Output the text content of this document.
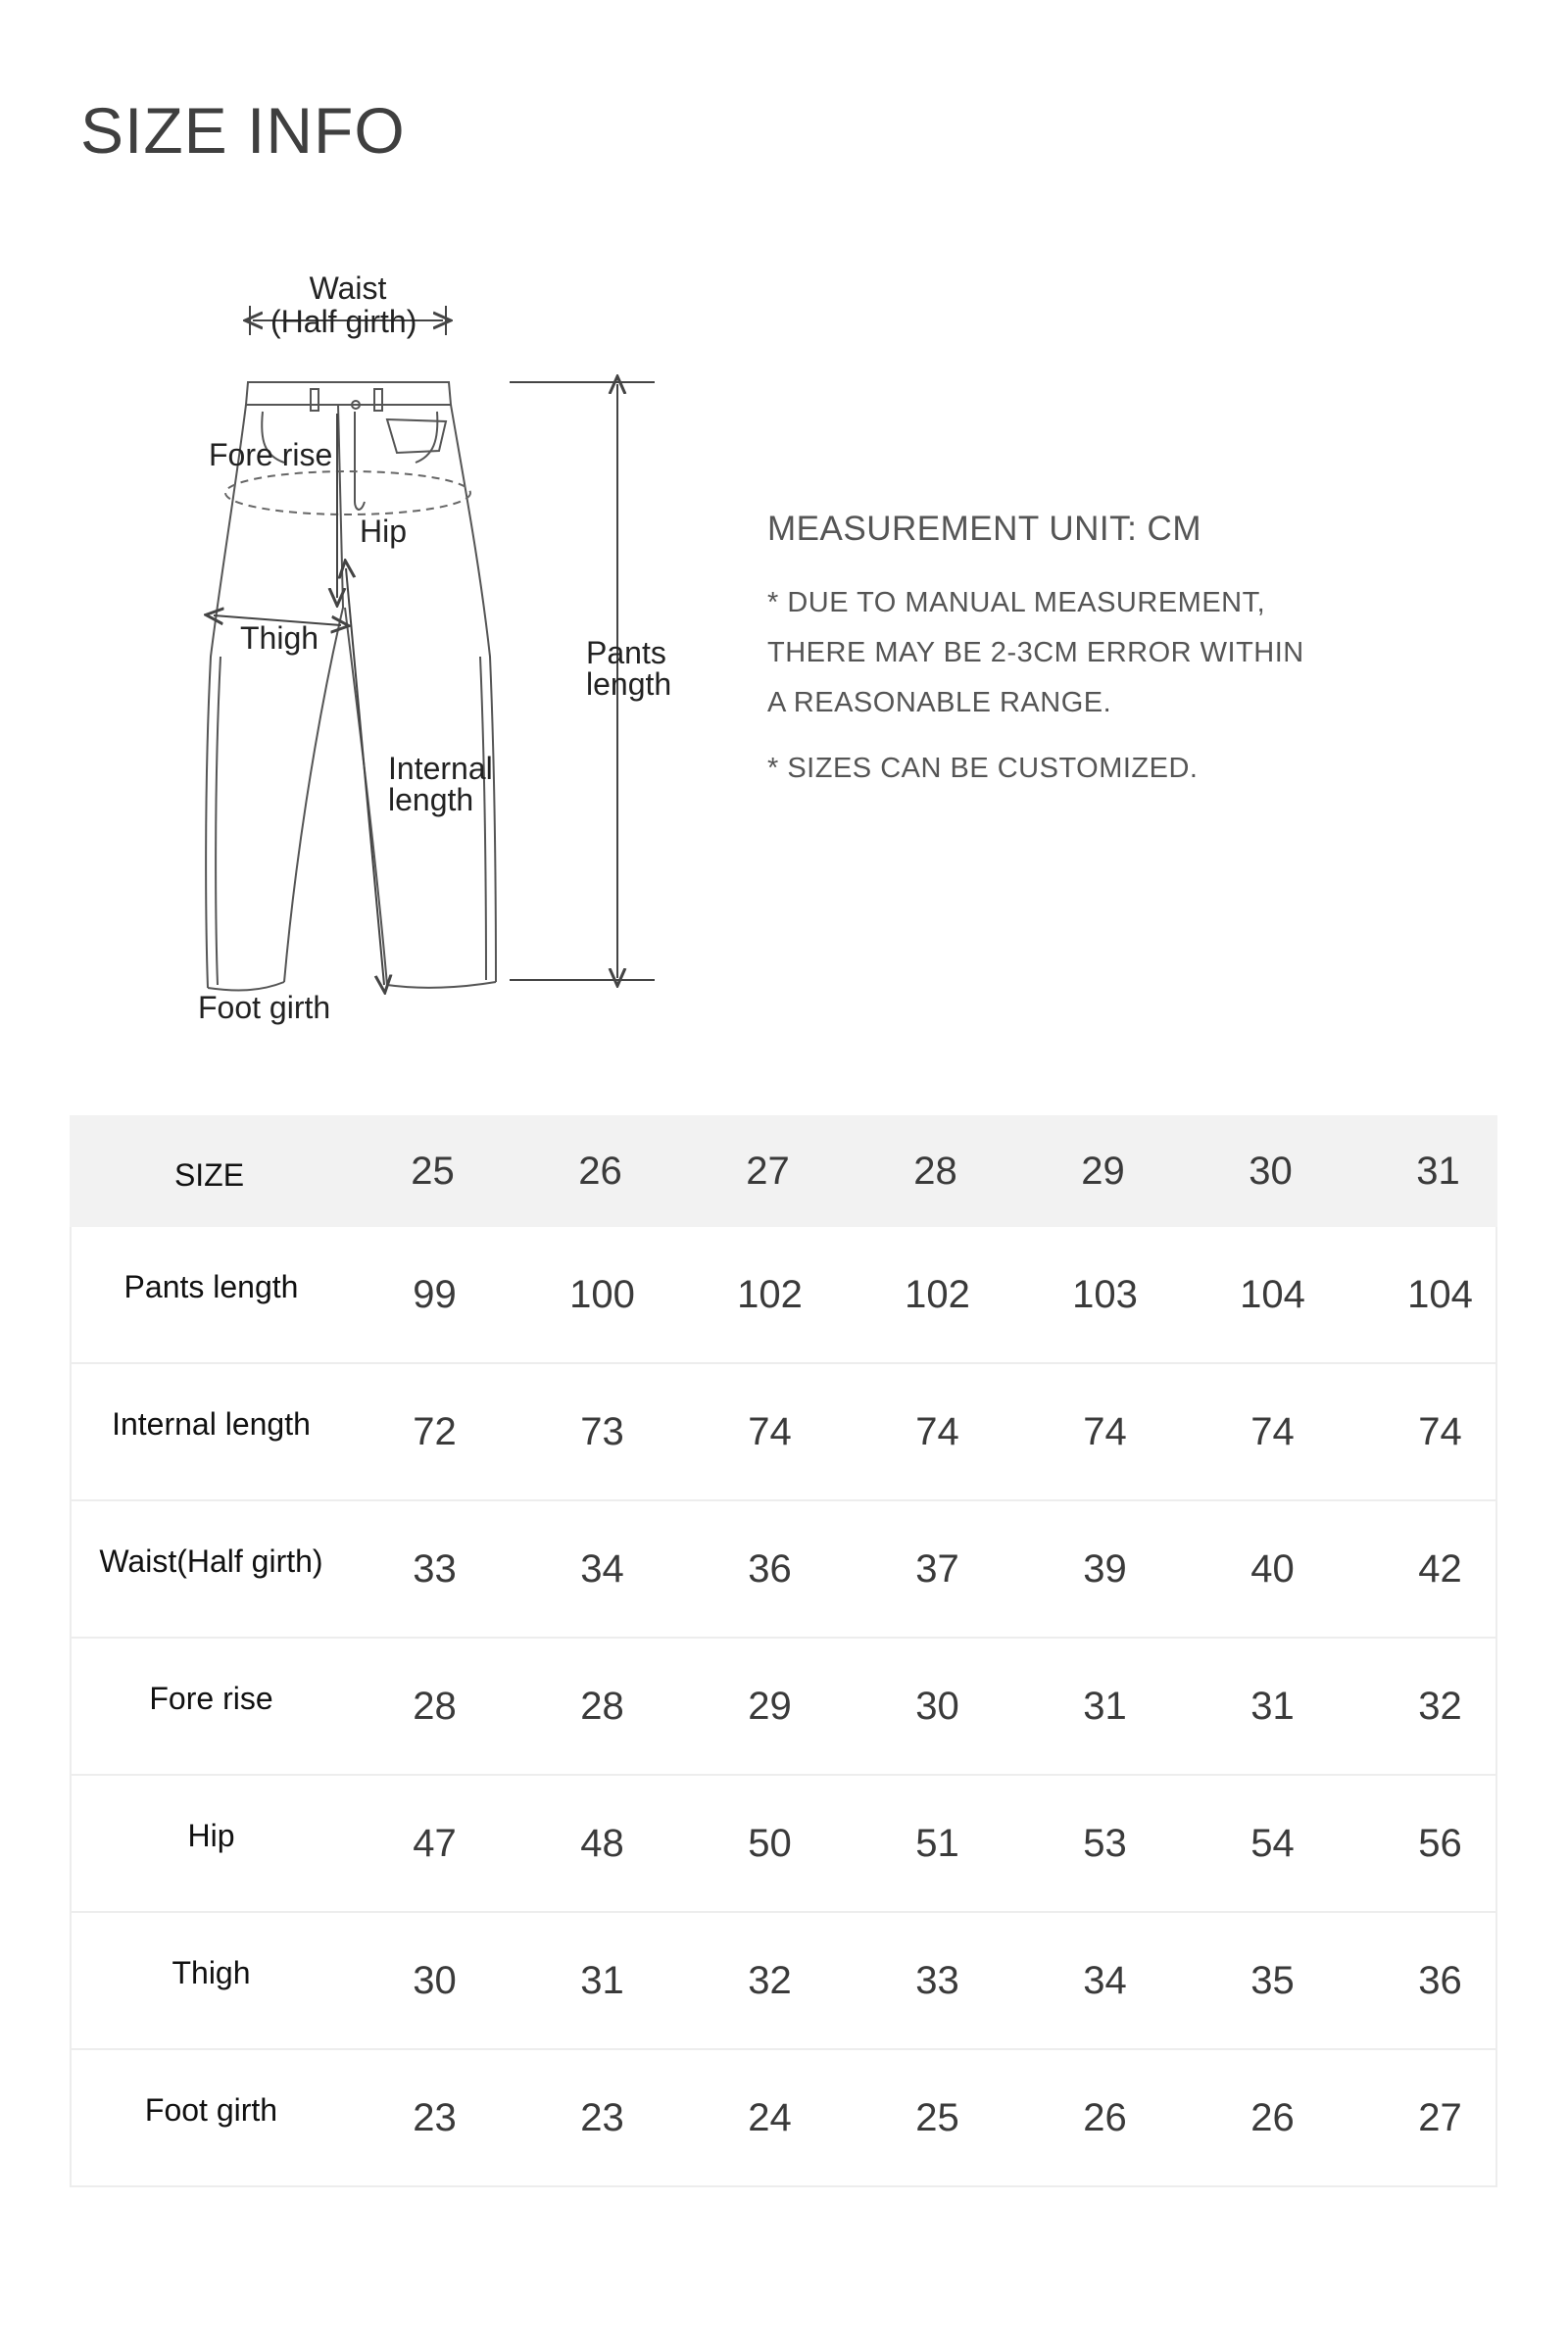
SIZE INFO
Waist
(Half girth)
Fore rise
Hip
Thigh
Internal
length
Pants
length
Foot girth
MEASUREMENT UNIT: CM
* DUE TO MANUAL MEASUREMENT,
THERE MAY BE 2-3CM ERROR WITHIN
A REASONABLE RANGE.
* SIZES CAN BE CUSTOMIZED.
SIZE	25	26	27	28	29	30	31
Pants length	99	100	102	102	103	104	104
Internal length	72	73	74	74	74	74	74
Waist(Half girth)	33	34	36	37	39	40	42
Fore rise	28	28	29	30	31	31	32
Hip	47	48	50	51	53	54	56
Thigh	30	31	32	33	34	35	36
Foot girth	23	23	24	25	26	26	27
